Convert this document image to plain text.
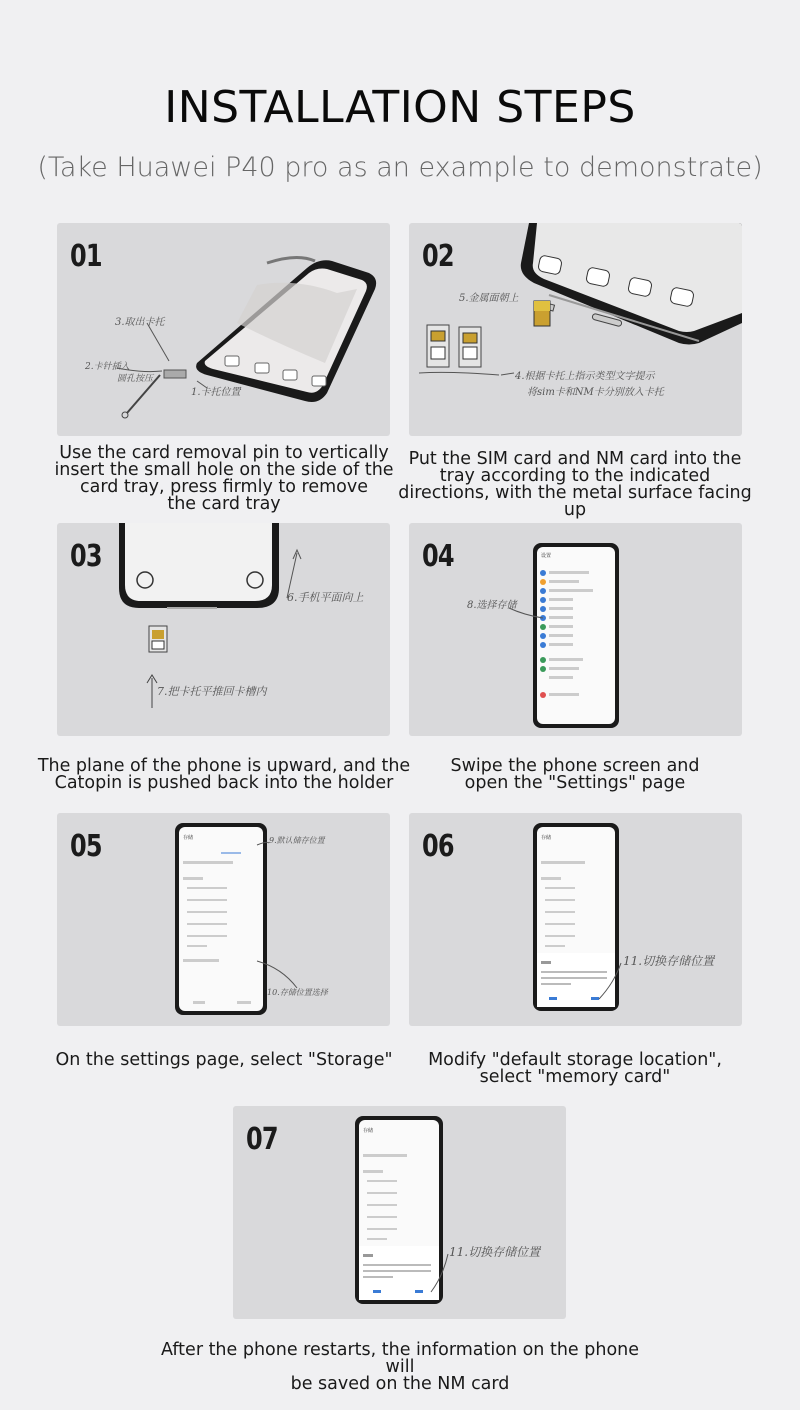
INSTALLATION STEPS
(Take Huawei P40 pro as an example to demonstrate)
3.取出卡托
2.卡针插入
圆孔按压
1.卡托位置
01
Use the card removal pin to vertically
insert the small hole on the side of the
card tray, press firmly to remove
the card tray
5.金属面朝上
4.根据卡托上指示类型文字提示
将sim卡和NM卡分别放入卡托
02
Put the SIM card and NM card into the
tray according to the indicated
directions, with the metal surface facing up
6.手机平面向上
7.把卡托平推回卡槽内
03
The plane of the phone is upward, and the
Catopin is pushed back into the holder
设置
8.选择存储
04
Swipe the phone screen and
open the "Settings" page
存储	9.默认储存位置
10.存储位置选择
05
On the settings page, select "Storage"
存储
11.切换存储位置
06
Modify "default storage location",
select "memory card"
存储
11.切换存储位置
07
After the phone restarts, the information on the phone will
be saved on the NM card
